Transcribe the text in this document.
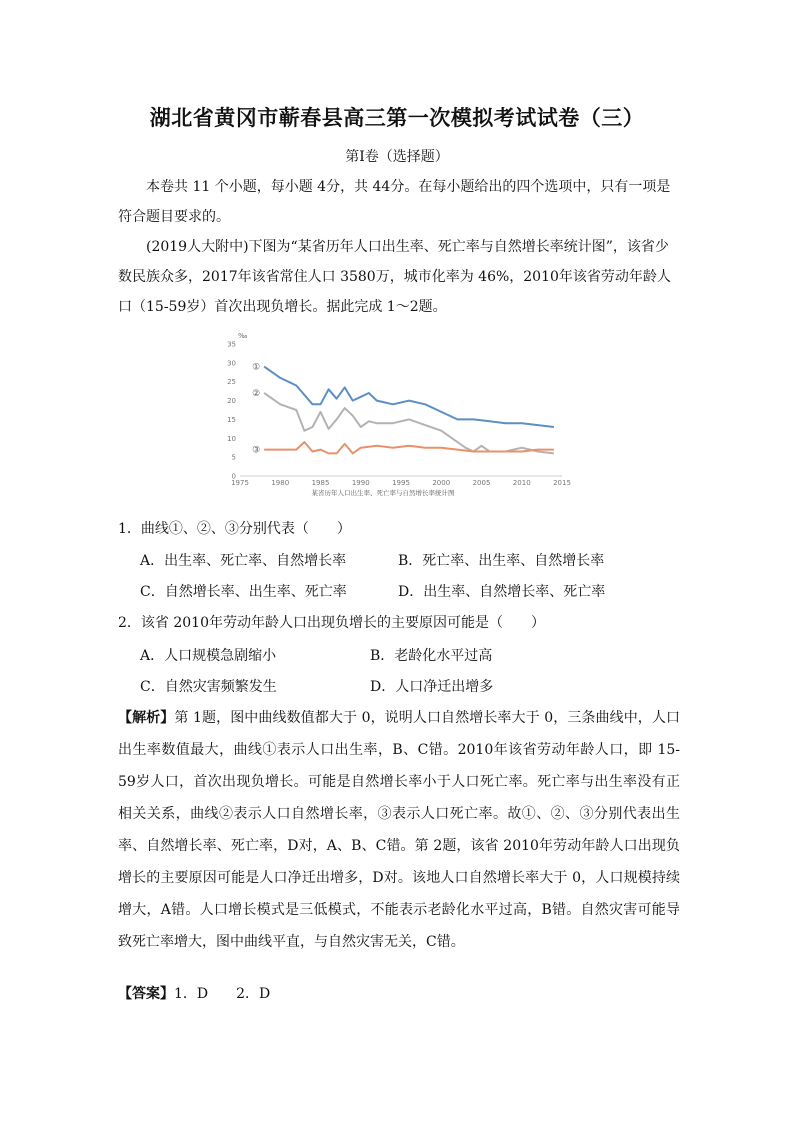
湖北省黄冈市蕲春县高三第一次模拟考试试卷（三）
第Ⅰ卷（选择题）

本卷共 11 个小题，每小题 4分，共 44分。在每小题给出的四个选项中，只有一项是符合题目要求的。

(2019人大附中)下图为“某省历年人口出生率、死亡率与自然增长率统计图”，该省少数民族众多，2017年该省常住人口 3580万，城市化率为 46%，2010年该省劳动年龄人口（15-59岁）首次出现负增长。据此完成 1～2题。

0
5
10
15
20
25
30
35
1975	1980	1985	1990	1995	2000	2005	2010	2015
‰
①
②
③
某省历年人口出生率、死亡率与自然增长率统计图

1．曲线①、②、③分别代表（　　）

A．出生率、死亡率、自然增长率	B．死亡率、出生率、自然增长率
C．自然增长率、出生率、死亡率	D．出生率、自然增长率、死亡率

2．该省 2010年劳动年龄人口出现负增长的主要原因可能是（　　）

A．人口规模急剧缩小	B．老龄化水平过高
C．自然灾害频繁发生	D．人口净迁出增多

【解析】第 1题，图中曲线数值都大于 0，说明人口自然增长率大于 0，三条曲线中，人口出生率数值最大，曲线①表示人口出生率，B、C错。2010年该省劳动年龄人口，即 15-59岁人口，首次出现负增长。可能是自然增长率小于人口死亡率。死亡率与出生率没有正相关关系，曲线②表示人口自然增长率，③表示人口死亡率。故①、②、③分别代表出生率、自然增长率、死亡率，D对，A、B、C错。第 2题，该省 2010年劳动年龄人口出现负增长的主要原因可能是人口净迁出增多，D对。该地人口自然增长率大于 0，人口规模持续增大，A错。人口增长模式是三低模式，不能表示老龄化水平过高，B错。自然灾害可能导致死亡率增大，图中曲线平直，与自然灾害无关，C错。

【答案】1．D　　2．D
